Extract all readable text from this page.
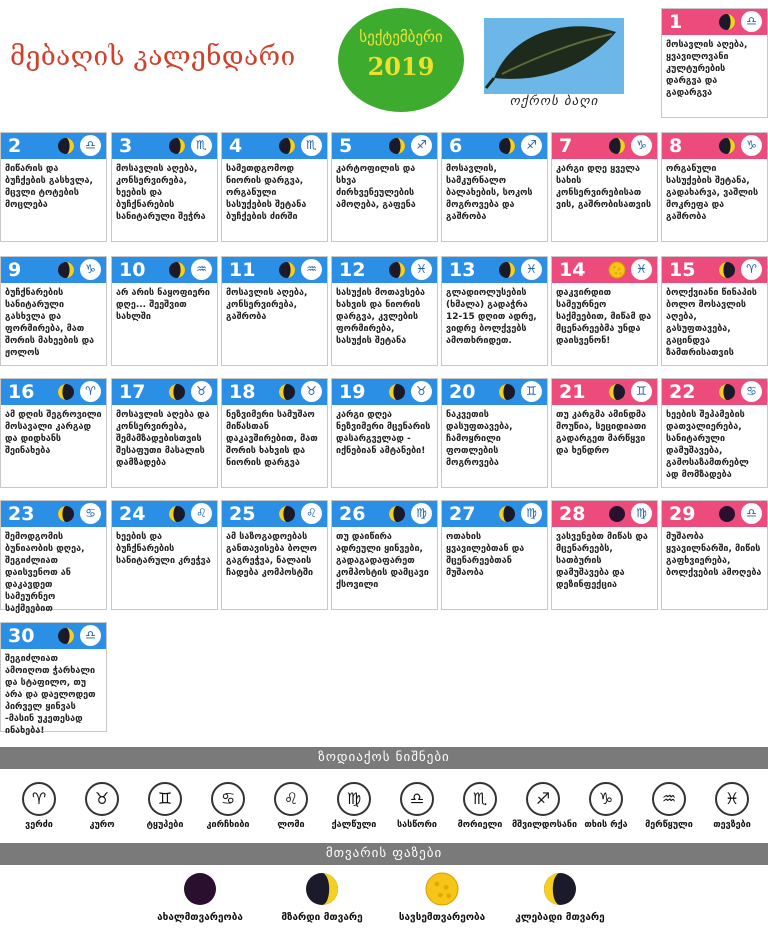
მებაღის კალენდარი
სექტემბერი
2019
ოქროს ბაღი
1	♎
მოსავლის აღება, ყვავილოვანი კულტურების დარგვა და გადარგვა
2	♎
მიწარის და ბუჩქების გასხვლა, მცვლი ტოტების მოცლება
3	♏
მოსავლის აღება, კონსერვირება, ხეების და ბუჩქნარების სანიტარული შეჭრა
4	♏
სამეთდგომოდ ნიორის დარგვა, ორგანული სასუქების შეტანა ბუჩქების ძირში
5	♐
კარტოფილის და სხვა ძირხვენეულების ამოღება, გაფენა
6	♐
მოსავლის, სამკურნალო ბალახების, სოკოს მოგროვება და გაშრობა
7	♑
კარგი დღე ყველა სახის კონსერვირებისათ ვის, გაშრობისათვის
8	♑
ორგანული სასუქების შეტანა, გადახარვა, ვაშლის მოკრეფა და გაშრობა
9	♑
ბუჩქნარების სანიტარული გასხვლა და ფორმირება, მათ შორის მახეების და ჟოლოს
10	♒
არ არის ნაყოფიერი დღე... შეეშვით სახლში
11	♒
მოსავლის აღება, კონსერვირება, გაშრობა
12	♓
სასუქის მოთავსება ხახვის და ნიორის დარგვა, კვლების ფორმირება, სასუქის შეტანა
13	♓
გლადიოლუსების (ხმალა) გადაჭრა 12-15 დღით ადრე, ვიდრე ბოლქვებს ამოთხრიდეთ.
14	♓
დაკვირდით სამეურნეო საქმეებით, მიწამ და მცენარეებმა უნდა დაისვენონ!
15	♈
ბოლქვიანი წინაპის ბოლო მოსავლის აღება, გასუფთავება, გაცინდვა ზამთრისათვის
16	♈
ამ დღის შეგროვილი მოსავალი კარგად და დიდხანს შეინახება
17	♉
მოსავლის აღება და კონსერვირება, შემამზადებისთვის შესაფუთი მასალის დამზადება
18	♉
ნეზვიმერი სამუშაო მიწასთან დაკავშირებით, მათ შორის ხახვის და ნიორის დარგვა
19	♉
კარგი დღეა ნეზვიმერი მცენარის დასარგველად - იქნებიან ამტანები!
20	♊
ნაკვეთის დასუფთავება, ჩამოყრილი ფოთლების მოგროვება
21	♊
თუ კარგმა ამინდმა მოუწია, სეციდიათი გადარგეთ მარწყვი და ხენდრო
22	♋
ხეების შეპამების დათვალიერება, სანიტარული დამუშავება, გამოსაზამთრებლ ად მომზადება
23	♋
შემოდგომის ბუნიაობის დღეა, შეგიძლიათ დაისვენოთ ან დაკავდეთ სამეურნეო საქმეებით
24	♌
ხეების და ბუჩქნარების სანიტარული კრეჭვა
25	♌
ამ საზოგადოებას განთავისება ბოლო გაგრეჭვა, ნალაის ჩადება კომპოსტში
26	♍
თუ დაიწირა ადრეული ყინვები, გადაგადაფარეთ კომპოსტის დამცავი ქსოვილი
27	♍
ოთახის ყვავილებთან და მცენარეებთან მუშაობა
28	♍
ვასვენებთ მიწას და მცენარეებს, სათბურის დამუშავება და დეზინფექცია
29	♎
მუშაობა ყვავილნარში, მიწის გაფხვიერება, ბოლქვების ამოღება
30	♎
შეგიძლიათ ამოიღოთ ჭარხალი და სტაფილო, თუ არა და დაელოდეთ პირველ ყინვას -მასინ უკეთესად ინახება!
ზოდიაქოს ნიშნები
♈
ვერძი
♉
კურო
♊
ტყუპები
♋
კირჩხიბი
♌
ლომი
♍
ქალწული
♎
სასწორი
♏
მორიელი
♐
მშვილდოსანი
♑
თხის რქა
♒
მერწყული
♓
თევზები
მთვარის ფაზები
ახალმთვარეობა	მზარდი მთვარე	სავსემთვარეობა	კლებადი მთვარე
